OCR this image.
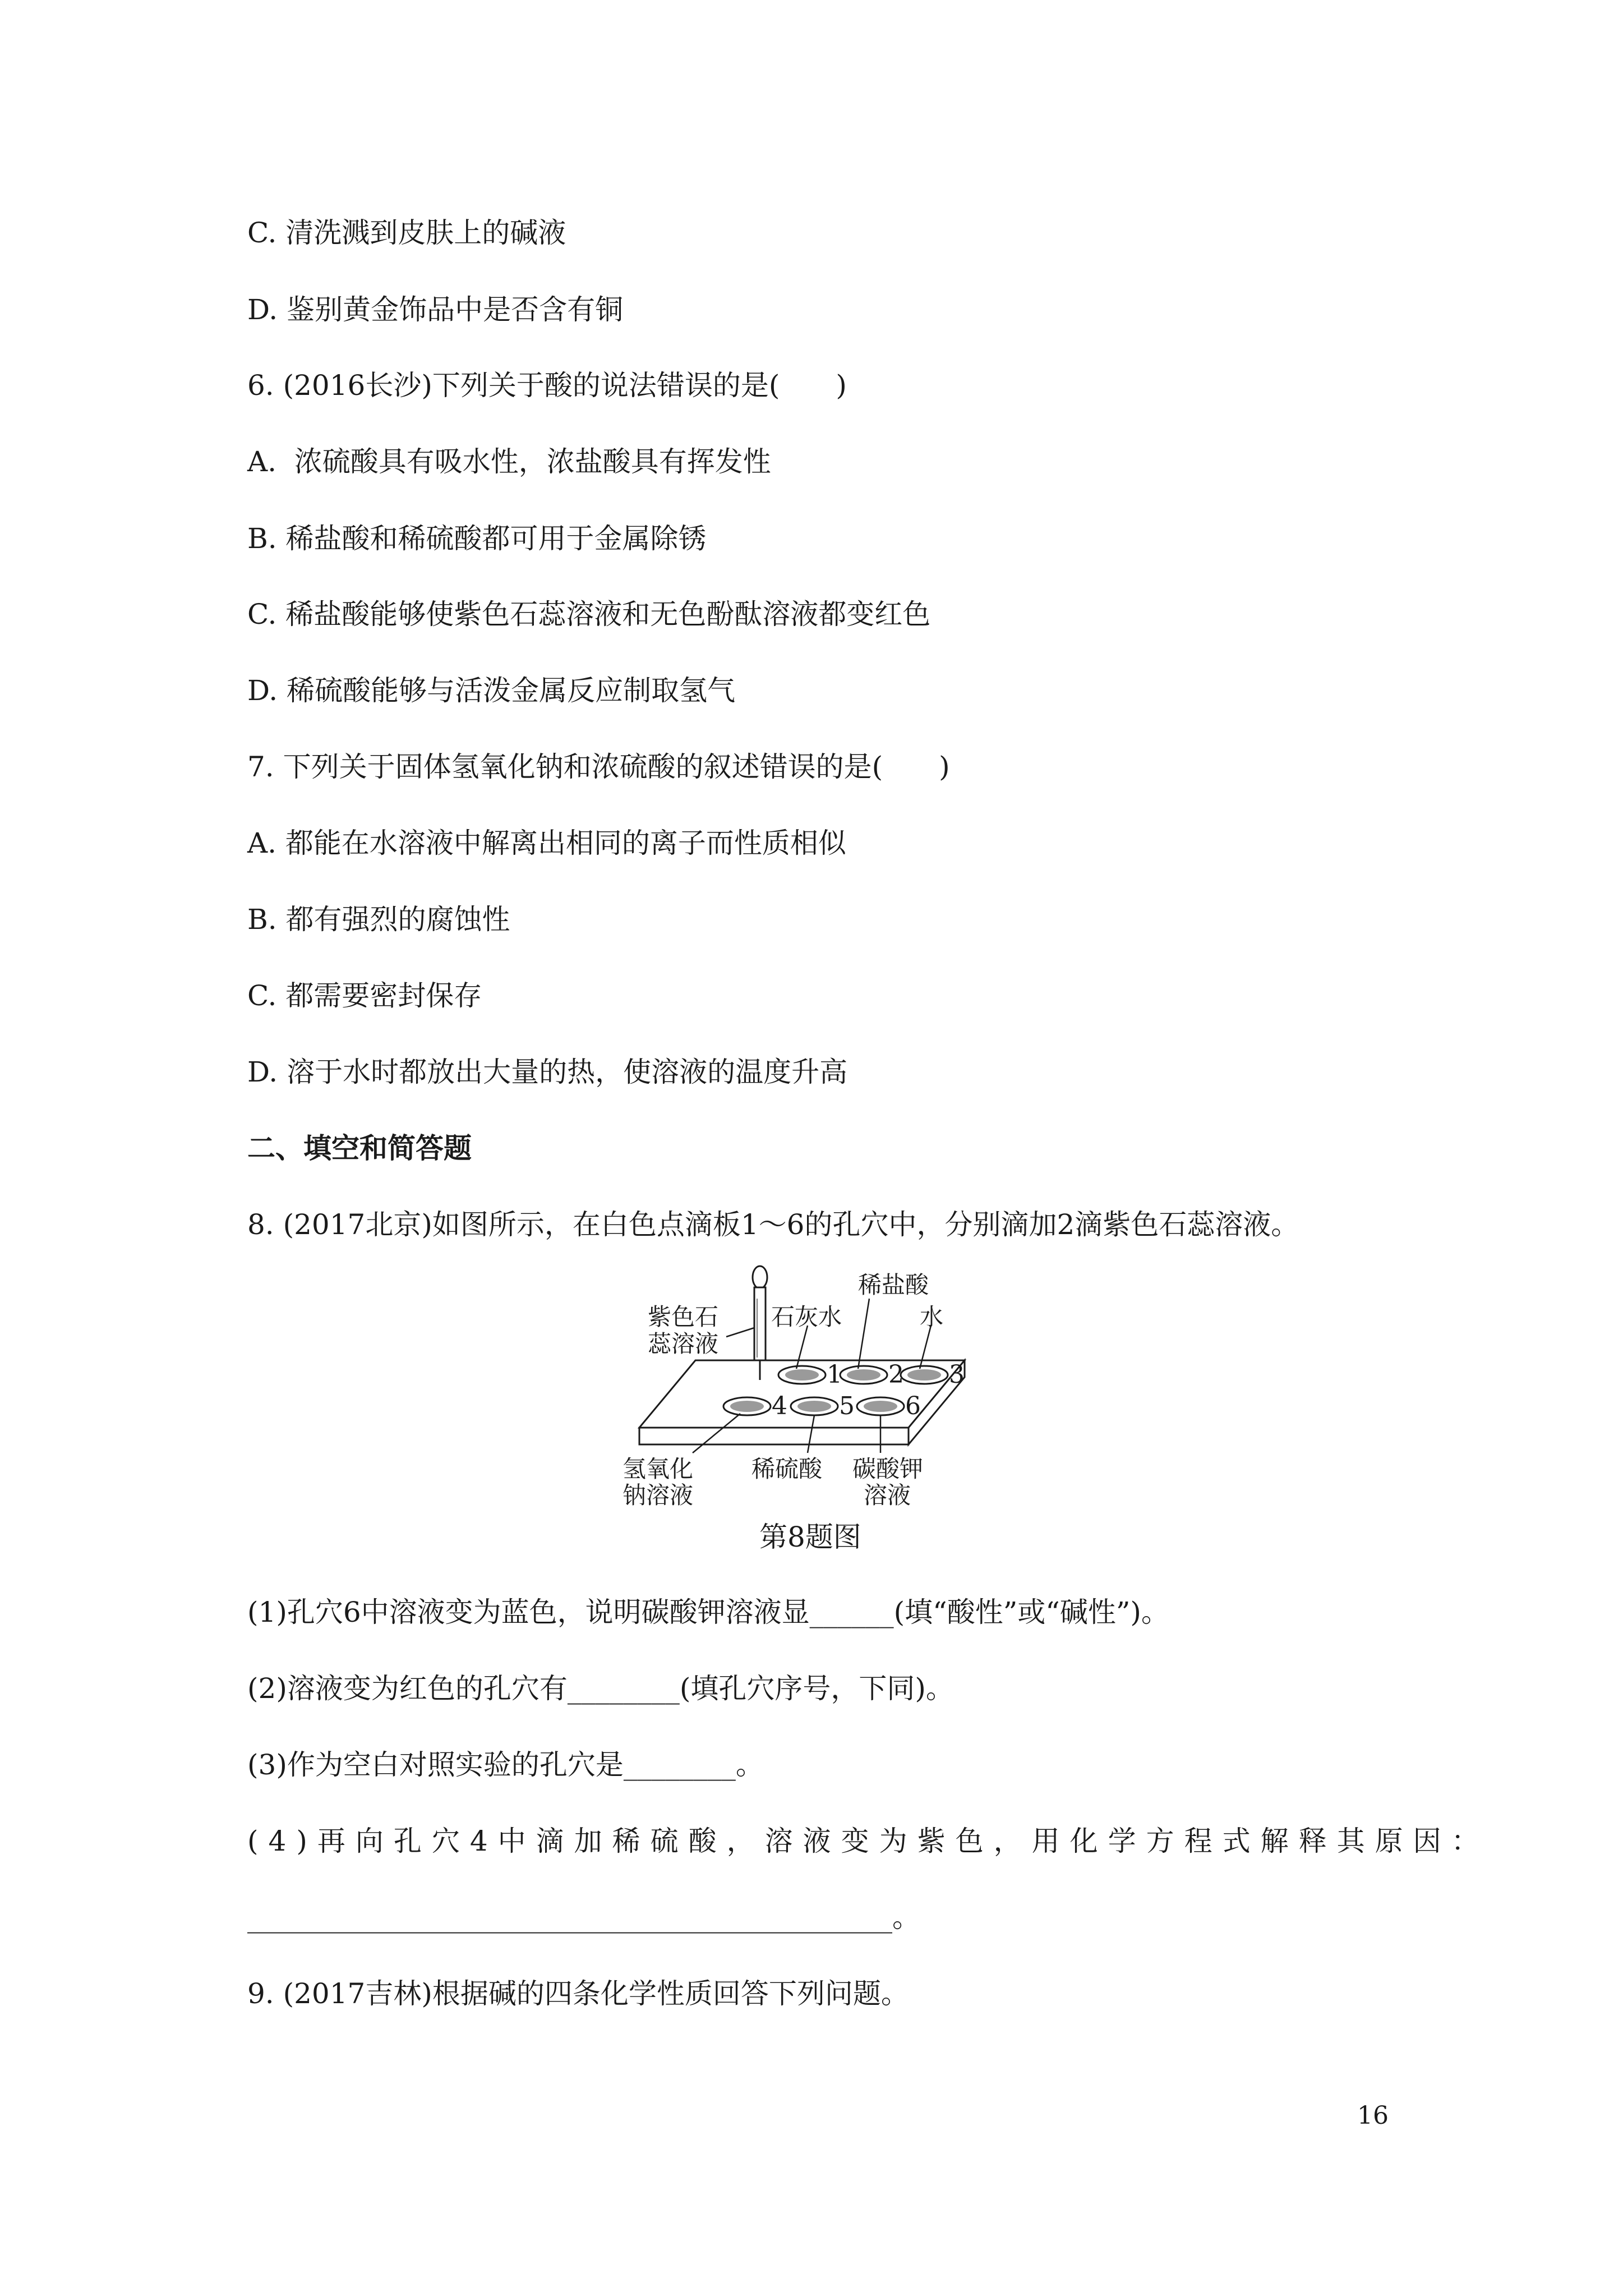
C. 清洗溅到皮肤上的碱液
D. 鉴别黄金饰品中是否含有铜
6. (2016长沙)下列关于酸的说法错误的是(　　)
A.  浓硫酸具有吸水性，浓盐酸具有挥发性
B. 稀盐酸和稀硫酸都可用于金属除锈
C. 稀盐酸能够使紫色石蕊溶液和无色酚酞溶液都变红色
D. 稀硫酸能够与活泼金属反应制取氢气
7. 下列关于固体氢氧化钠和浓硫酸的叙述错误的是(　　)
A. 都能在水溶液中解离出相同的离子而性质相似
B. 都有强烈的腐蚀性
C. 都需要密封保存
D. 溶于水时都放出大量的热，使溶液的温度升高
二、填空和简答题
8. (2017北京)如图所示，在白色点滴板1～6的孔穴中，分别滴加2滴紫色石蕊溶液。
紫色石
蕊溶液
石灰水
稀盐酸
水
氢氧化
钠溶液
稀硫酸 碳酸钾
溶液
1 2 3
4 5 6
第8题图
(1)孔穴6中溶液变为蓝色，说明碳酸钾溶液显______(填“酸性”或“碱性”)。
(2)溶液变为红色的孔穴有________(填孔穴序号，下同)。
(3)作为空白对照实验的孔穴是________。
(4)再向孔穴4中滴加稀硫酸，溶液变为紫色，用化学方程式解释其原因：
______________________________________________。
9. (2017吉林)根据碱的四条化学性质回答下列问题。
16
